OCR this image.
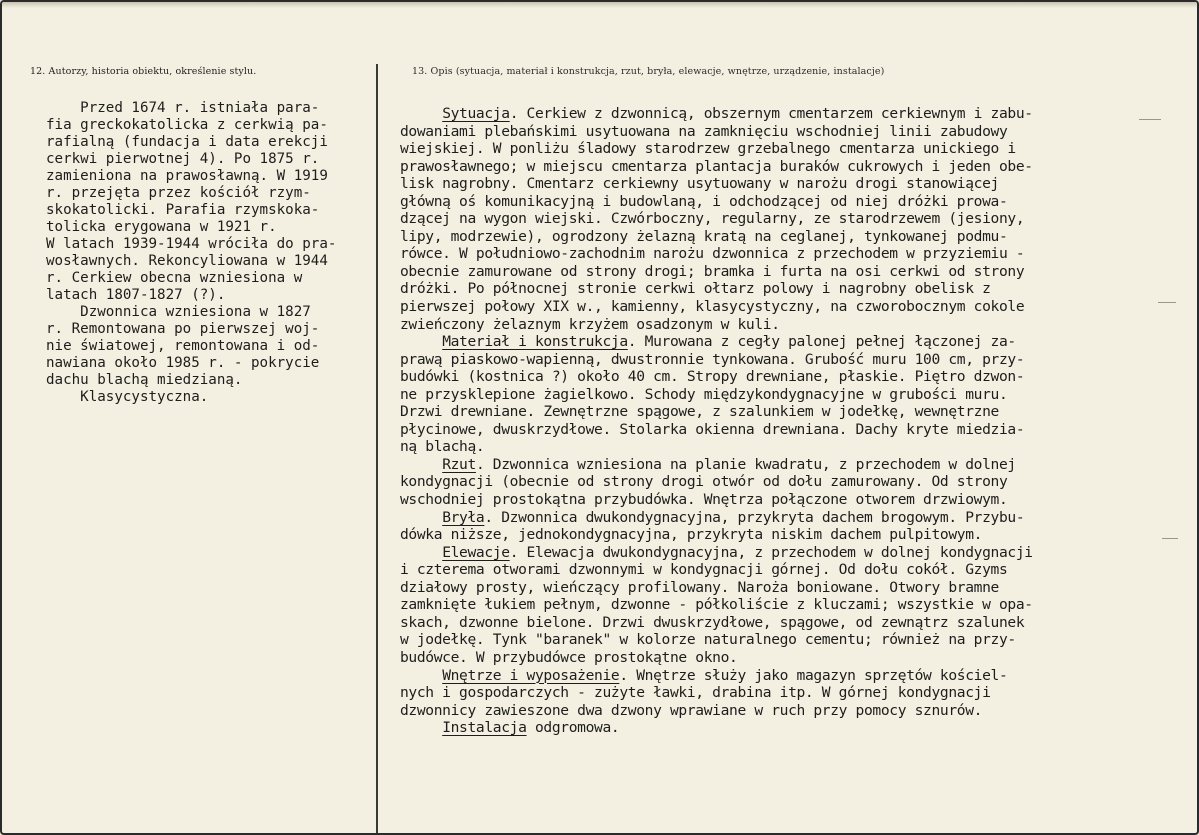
12. Autorzy, historia obiektu, określenie stylu.	13. Opis (sytuacja, materiał i konstrukcja, rzut, bryła, elewacje, wnętrze, urządzenie, instalacje)
Przed 1674 r. istniała para-
fia greckokatolicka z cerkwią pa-
rafialną (fundacja i data erekcji
cerkwi pierwotnej 4). Po 1875 r.
zamieniona na prawosławną. W 1919
r. przejęta przez kościół rzym-
skokatolicki. Parafia rzymskoka-
tolicka erygowana w 1921 r.
W latach 1939-1944 wróciła do pra-
wosławnych. Rekoncyliowana w 1944
r. Cerkiew obecna wzniesiona w
latach 1807-1827 (?).
Dzwonnica wzniesiona w 1827
r. Remontowana po pierwszej woj-
nie światowej, remontowana i od-
nawiana około 1985 r. - pokrycie
dachu blachą miedzianą.
Klasycystyczna.
Sytuacja. Cerkiew z dzwonnicą, obszernym cmentarzem cerkiewnym i zabu-
dowaniami plebańskimi usytuowana na zamknięciu wschodniej linii zabudowy
wiejskiej. W ponliżu śladowy starodrzew grzebalnego cmentarza unickiego i
prawosławnego; w miejscu cmentarza plantacja buraków cukrowych i jeden obe-
lisk nagrobny. Cmentarz cerkiewny usytuowany w narożu drogi stanowiącej
główną oś komunikacyjną i budowlaną, i odchodzącej od niej dróżki prowa-
dzącej na wygon wiejski. Czwórboczny, regularny, ze starodrzewem (jesiony,
lipy, modrzewie), ogrodzony żelazną kratą na ceglanej, tynkowanej podmu-
rówce. W południowo-zachodnim narożu dzwonnica z przechodem w przyziemiu -
obecnie zamurowane od strony drogi; bramka i furta na osi cerkwi od strony
dróżki. Po północnej stronie cerkwi ołtarz polowy i nagrobny obelisk z
pierwszej połowy XIX w., kamienny, klasycystyczny, na czworobocznym cokole
zwieńczony żelaznym krzyżem osadzonym w kuli.
Materiał i konstrukcja. Murowana z cegły palonej pełnej łączonej za-
prawą piaskowo-wapienną, dwustronnie tynkowana. Grubość muru 100 cm, przy-
budówki (kostnica ?) około 40 cm. Stropy drewniane, płaskie. Piętro dzwon-
ne przysklepione żagielkowo. Schody międzykondygnacyjne w grubości muru.
Drzwi drewniane. Zewnętrzne spągowe, z szalunkiem w jodełkę, wewnętrzne
płycinowe, dwuskrzydłowe. Stolarka okienna drewniana. Dachy kryte miedzia-
ną blachą.
Rzut. Dzwonnica wzniesiona na planie kwadratu, z przechodem w dolnej
kondygnacji (obecnie od strony drogi otwór od dołu zamurowany. Od strony
wschodniej prostokątna przybudówka. Wnętrza połączone otworem drzwiowym.
Bryła. Dzwonnica dwukondygnacyjna, przykryta dachem brogowym. Przybu-
dówka niższe, jednokondygnacyjna, przykryta niskim dachem pulpitowym.
Elewacje. Elewacja dwukondygnacyjna, z przechodem w dolnej kondygnacji
i czterema otworami dzwonnymi w kondygnacji górnej. Od dołu cokół. Gzyms
działowy prosty, wieńczący profilowany. Naroża boniowane. Otwory bramne
zamknięte łukiem pełnym, dzwonne - półkoliście z kluczami; wszystkie w opa-
skach, dzwonne bielone. Drzwi dwuskrzydłowe, spągowe, od zewnątrz szalunek
w jodełkę. Tynk "baranek" w kolorze naturalnego cementu; również na przy-
budówce. W przybudówce prostokątne okno.
Wnętrze i wyposażenie. Wnętrze służy jako magazyn sprzętów kościel-
nych i gospodarczych - zużyte ławki, drabina itp. W górnej kondygnacji
dzwonnicy zawieszone dwa dzwony wprawiane w ruch przy pomocy sznurów.
Instalacja odgromowa.
